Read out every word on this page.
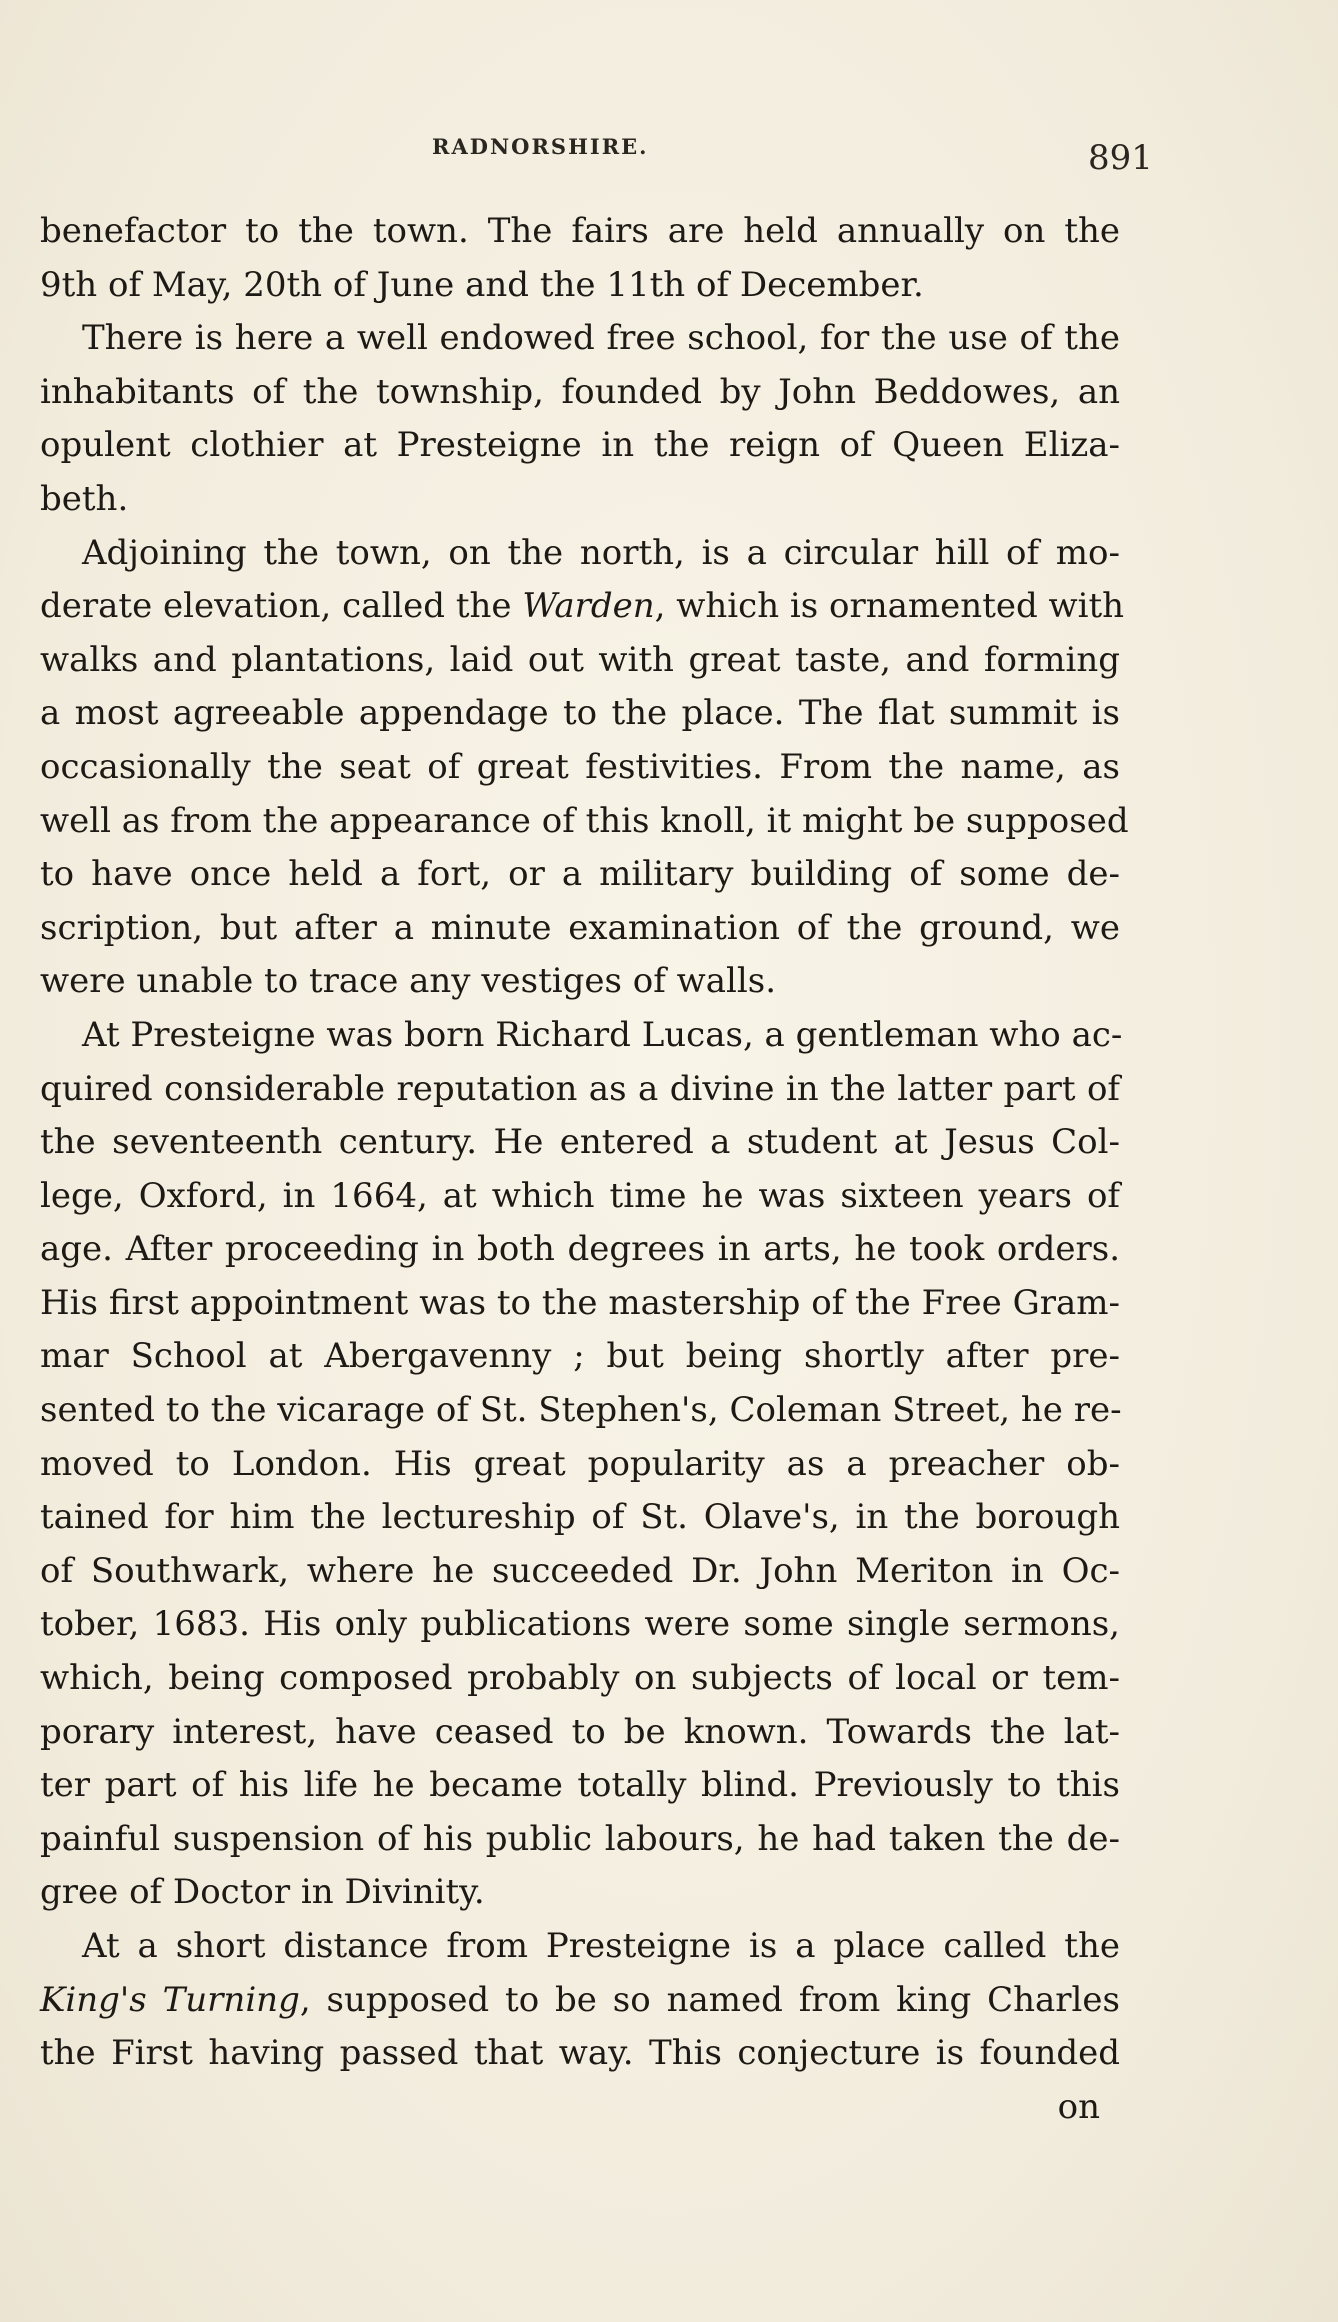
RADNORSHIRE.	891
benefactor to the town. The fairs are held annually on the
9th of May, 20th of June and the 11th of December.
There is here a well endowed free school, for the use of the
inhabitants of the township, founded by John Beddowes, an
opulent clothier at Presteigne in the reign of Queen Eliza-
beth.
Adjoining the town, on the north, is a circular hill of mo-
derate elevation, called the Warden, which is ornamented with
walks and plantations, laid out with great taste, and forming
a most agreeable appendage to the place. The flat summit is
occasionally the seat of great festivities. From the name, as
well as from the appearance of this knoll, it might be supposed
to have once held a fort, or a military building of some de-
scription, but after a minute examination of the ground, we
were unable to trace any vestiges of walls.
At Presteigne was born Richard Lucas, a gentleman who ac-
quired considerable reputation as a divine in the latter part of
the seventeenth century. He entered a student at Jesus Col-
lege, Oxford, in 1664, at which time he was sixteen years of
age. After proceeding in both degrees in arts, he took orders.
His first appointment was to the mastership of the Free Gram-
mar School at Abergavenny ; but being shortly after pre-
sented to the vicarage of St. Stephen's, Coleman Street, he re-
moved to London. His great popularity as a preacher ob-
tained for him the lectureship of St. Olave's, in the borough
of Southwark, where he succeeded Dr. John Meriton in Oc-
tober, 1683. His only publications were some single sermons,
which, being composed probably on subjects of local or tem-
porary interest, have ceased to be known. Towards the lat-
ter part of his life he became totally blind. Previously to this
painful suspension of his public labours, he had taken the de-
gree of Doctor in Divinity.
At a short distance from Presteigne is a place called the
King's Turning, supposed to be so named from king Charles
the First having passed that way. This conjecture is founded
on
